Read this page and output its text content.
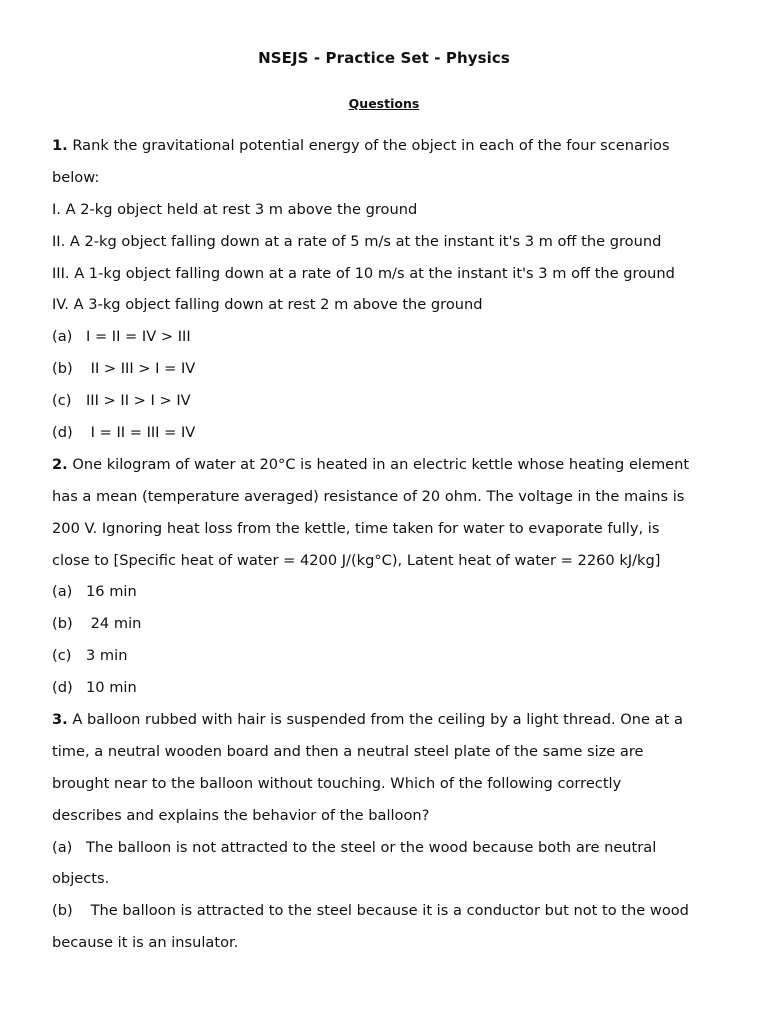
NSEJS - Practice Set - Physics
Questions
1. Rank the gravitational potential energy of the object in each of the four scenarios
below:
I. A 2-kg object held at rest 3 m above the ground
II. A 2-kg object falling down at a rate of 5 m/s at the instant it's 3 m off the ground
III. A 1-kg object falling down at a rate of 10 m/s at the instant it's 3 m off the ground
IV. A 3-kg object falling down at rest 2 m above the ground
(a) I = II = IV > III
(b) II > III > I = IV
(c) III > II > I > IV
(d) I = II = III = IV
2. One kilogram of water at 20°C is heated in an electric kettle whose heating element
has a mean (temperature averaged) resistance of 20 ohm. The voltage in the mains is
200 V. Ignoring heat loss from the kettle, time taken for water to evaporate fully, is
close to [Specific heat of water = 4200 J/(kg°C), Latent heat of water = 2260 kJ/kg]
(a) 16 min
(b) 24 min
(c) 3 min
(d) 10 min
3. A balloon rubbed with hair is suspended from the ceiling by a light thread. One at a
time, a neutral wooden board and then a neutral steel plate of the same size are
brought near to the balloon without touching. Which of the following correctly
describes and explains the behavior of the balloon?
(a) The balloon is not attracted to the steel or the wood because both are neutral
objects.
(b) The balloon is attracted to the steel because it is a conductor but not to the wood
because it is an insulator.
